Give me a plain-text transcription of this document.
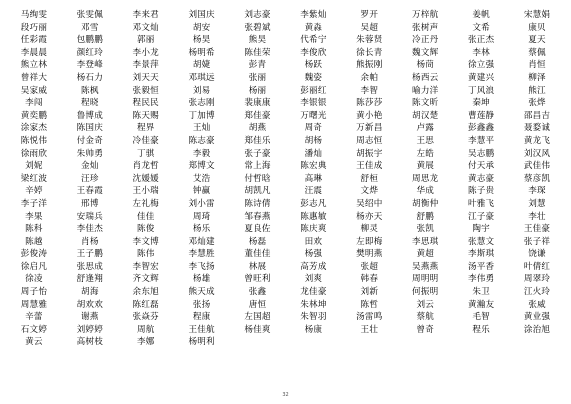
马绚雯	张雯佩	李来君	刘国庆	刘志豪	李紫灿	罗开	万梓航	姜帆	宋慧娟
段巧丽	邓雪	邓文灿	胡安	张碧斌	黄淼	吴超	张树声	文希	康贝
任彩霞	包鹏鹏	郭丽	杨昊	熊昊	代希宁	朱蓉贤	冷正丹	张正杰	夏天
李晨晨	颜红玲	李小龙	杨明希	陈佳荣	李俊欣	徐长青	魏文辉	李林	蔡佩
熊立林	李登峰	李景萍	胡婕	彭青	杨跃	熊振刚	杨茼	徐立强	肖恒
曾祥大	杨石力	刘天天	邓琪远	张丽	魏姿	余帕	杨西云	黄建兴	柳泽
吴家威	陈枫	张毅恒	刘易	杨丽	彭丽红	李智	喻力洋	丁风浪	熊江
李闯	程晓	程民民	张志刚	裴康康	李银银	陈莎莎	陈文昕	秦坤	张烨
黄奕鹏	鲁博成	陈天赐	丁加博	郑佳豪	万曙光	黄小艳	胡汉楚	曹莲静	邵昌吉
涂家杰	陈国庆	程界	王灿	胡燕	周奇	万新昌	卢露	彭鑫鑫	聂婺诚
陈悦伟	付金奇	冷佳豪	陈志豪	郑佳乐	胡杨	周志恒	王思	李慧平	黄龙飞
徐雨欣	朱帅勇	丁骐	李毅	张子豪	潘灿	胡振宇	左皓	吴志鹏	刘汉风
刘妮	金灿	肖龙哲	郑博文	常上海	陈宏典	王佳成	黄展	付天承	武佳伟
梁红波	汪珍	沈媛媛	艾浩	付哲晗	高琳	舒桓	周思龙	黄志豪	蔡彦凯
辛婷	王春霞	王小瑞	钟赢	胡凯凡	汪震	文烨	华成	陈子贵	李琛
李子洋	邢博	左礼梅	刘小雷	陈诗倩	彭志凡	吴绍中	胡衡仲	叶雅飞	刘慧
李果	安瑞兵	佳佳	周琦	邹春燕	陈惠敏	杨亦天	舒鹏	江子豪	李壮
陈科	李佳杰	陈俊	杨乐	夏良佐	陈庆爽	柳灵	张凯	陶宇	王佳豪
陈越	肖杨	李文博	邓灿建	杨磊	田欢	左即梅	李思琪	张慧文	张子祥
彭俊涛	王子鹏	陈伟	李慧胜	董佳佳	杨强	樊明燕	黄超	李斯琪	饶谦
徐启凡	张思成	李智宏	李飞扬	林展	高芳成	张超	吴燕燕	汤平香	叶倩红
徐凌	舒逢翔	齐文辉	杨雄	曾旺利	刘爽	韩春	周明明	李伟勇	周翠玲
周子怡	胡海	余东旭	熊天成	张鑫	龙佳豪	刘新	何振明	朱卫	江火玲
周慧雅	胡欢欢	陈红磊	张扬	唐恒	朱林坤	陈哲	刘云	黄瀚友	张威
辛蕾	谢燕	张焱芬	程康	左国超	朱智羽	汤雷鸣	蔡航	毛智	黄业强
石文婷	刘婷婷	周航	王佳航	杨佳爽	杨康	王壮	曾奇	程乐	涂治旭
黄云	高树枝	李娜	杨明利
32
